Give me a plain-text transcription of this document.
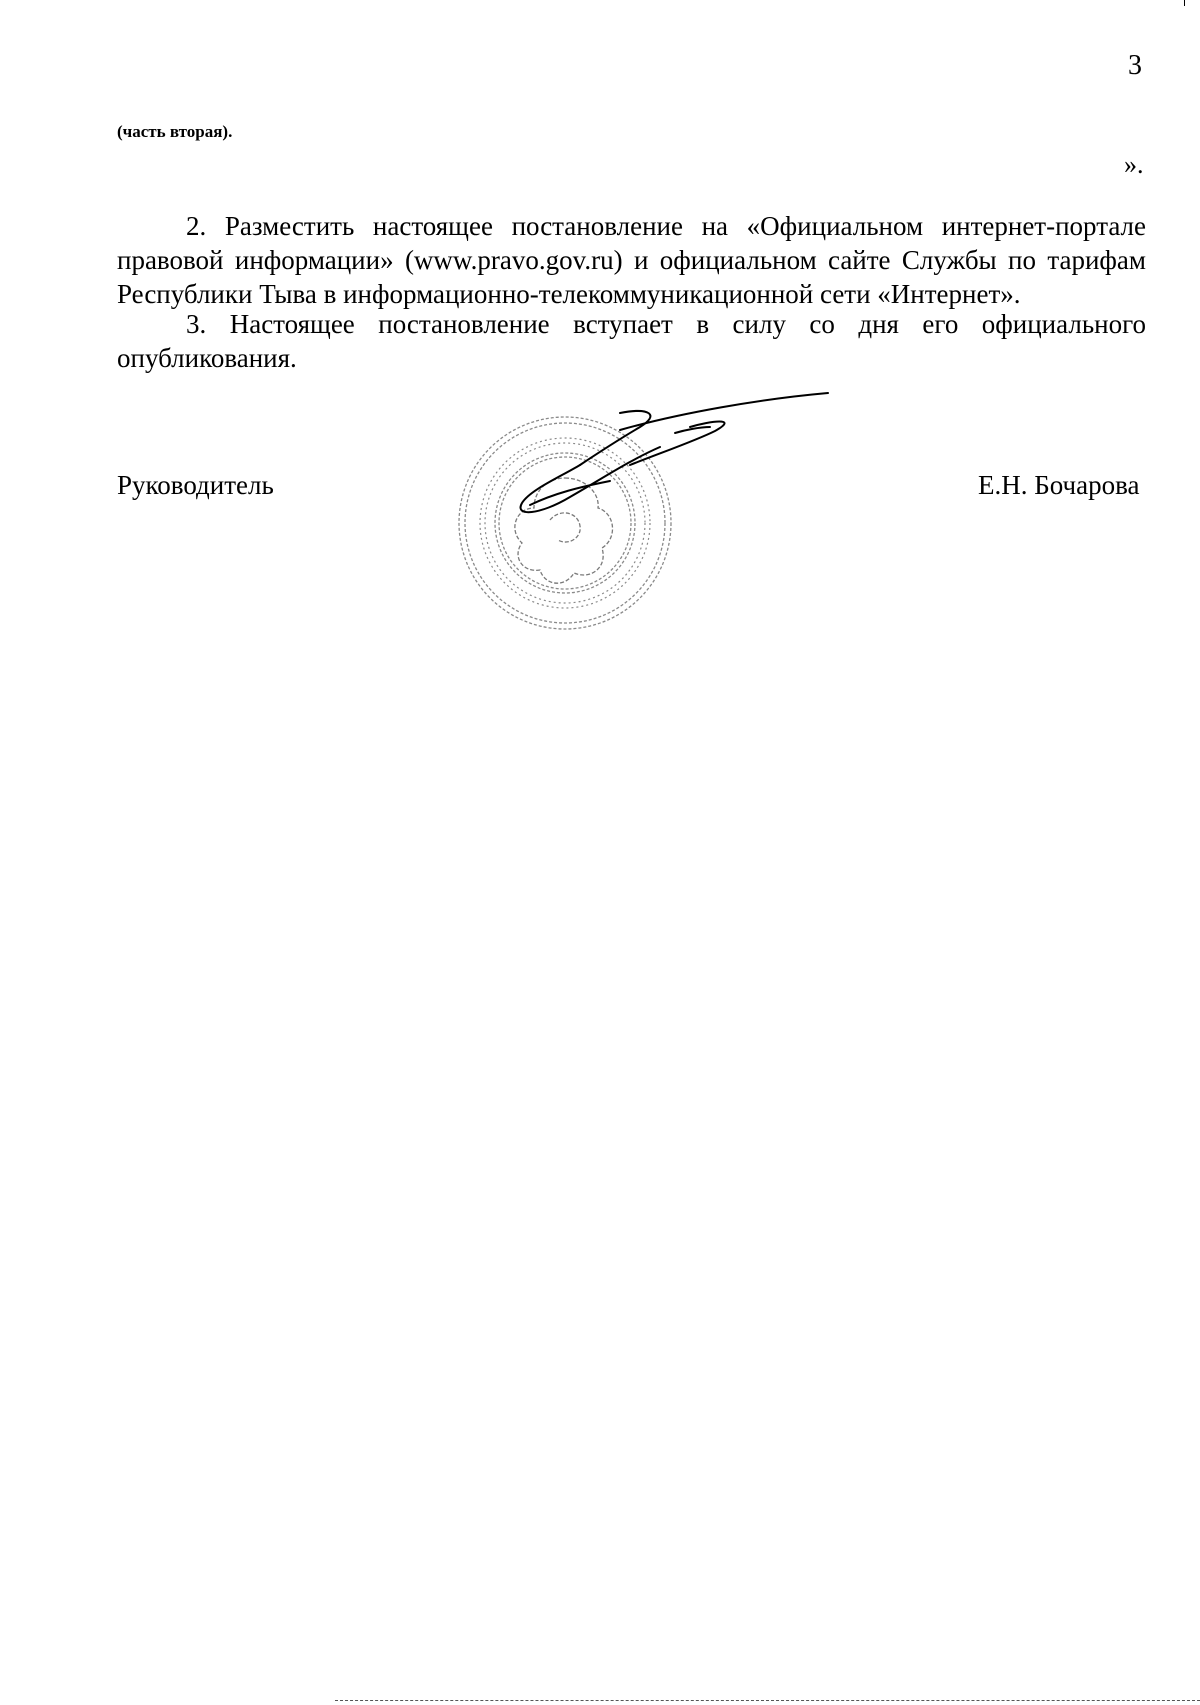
3
(часть вторая).
».

2. Разместить настоящее постановление на «Официальном интернет-портале правовой информации» (www.pravo.gov.ru) и официальном сайте Службы по тарифам Республики Тыва в информационно-телекоммуникационной сети «Интернет».

3. Настоящее постановление вступает в силу со дня его официального опубликования.

Руководитель	Е.Н. Бочарова
